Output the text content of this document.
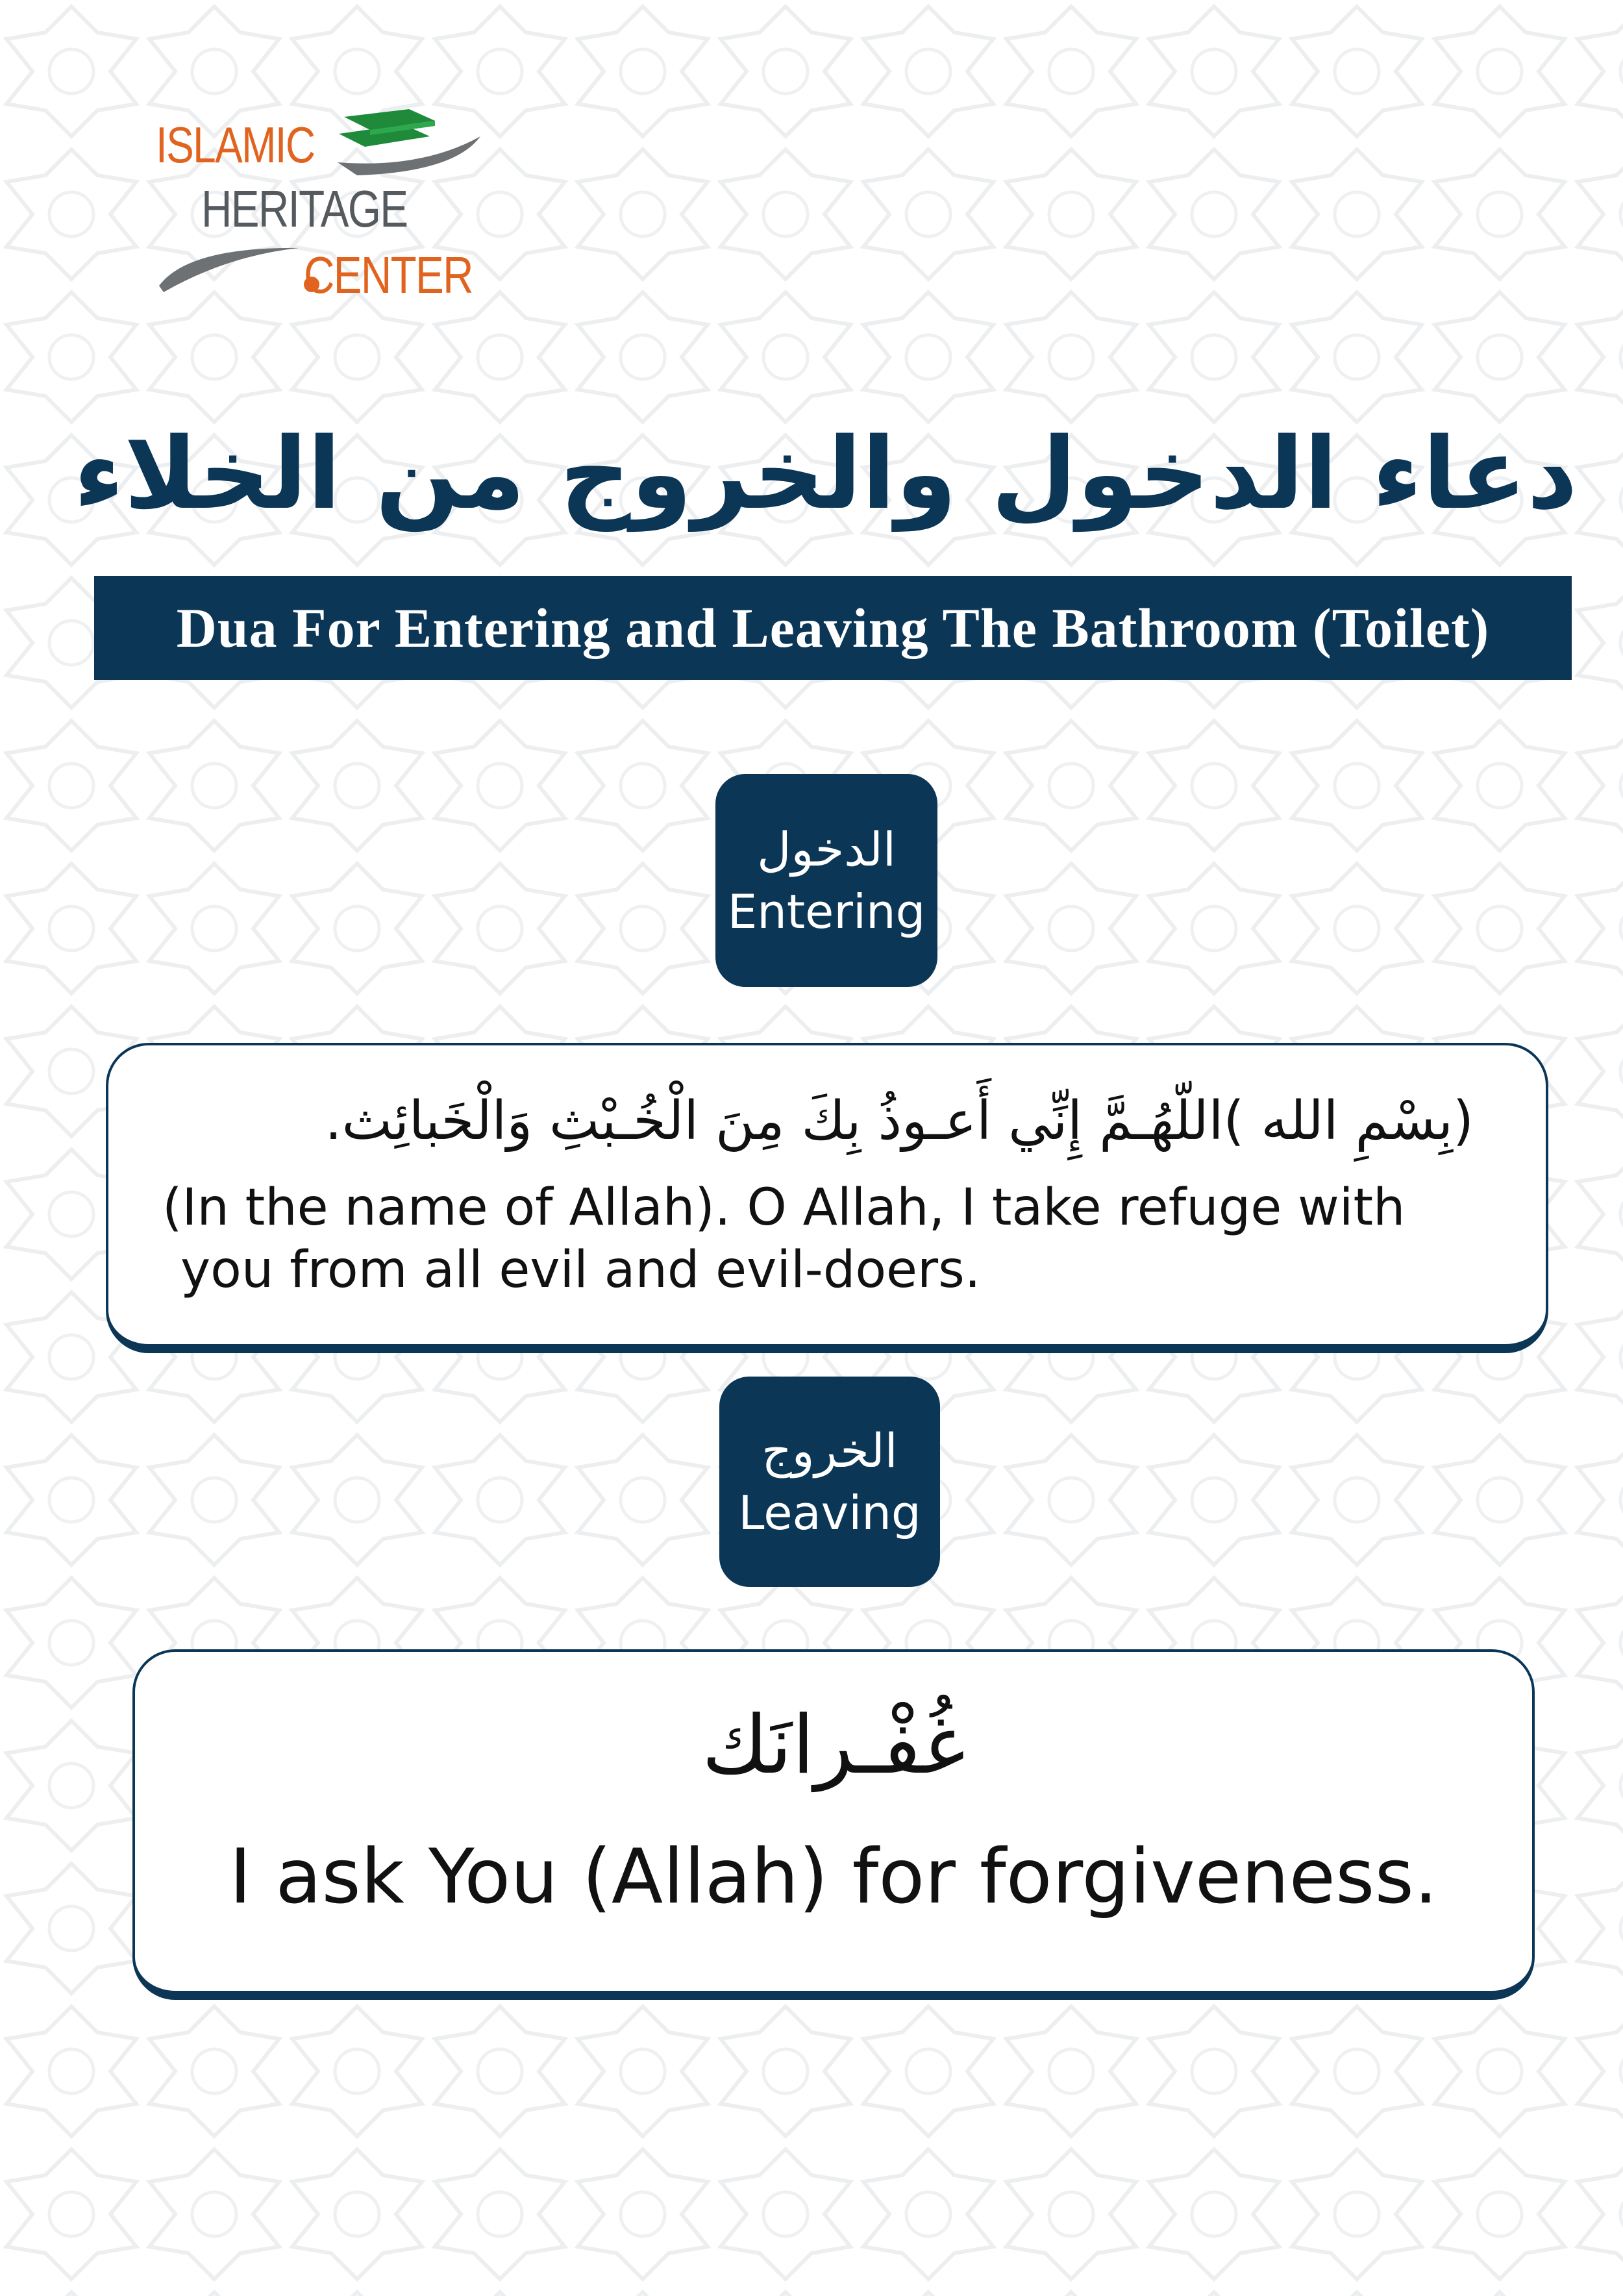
ISLAMIC
HERITAGE
CENTER
دعاء الدخول والخروج من الخلاء
Dua For Entering and Leaving The Bathroom (Toilet)
الدخول
Entering
(بِسْمِ الله )اللّهُـمَّ إِنِّي أَعـوذُ بِكَ مِنَ الْخُـبْثِ وَالْخَبائِث.
(In the name of Allah). O Allah, I take refuge with
you from all evil and evil-doers.
الخروج
Leaving
غُفْـرانَك
I ask You (Allah) for forgiveness.
